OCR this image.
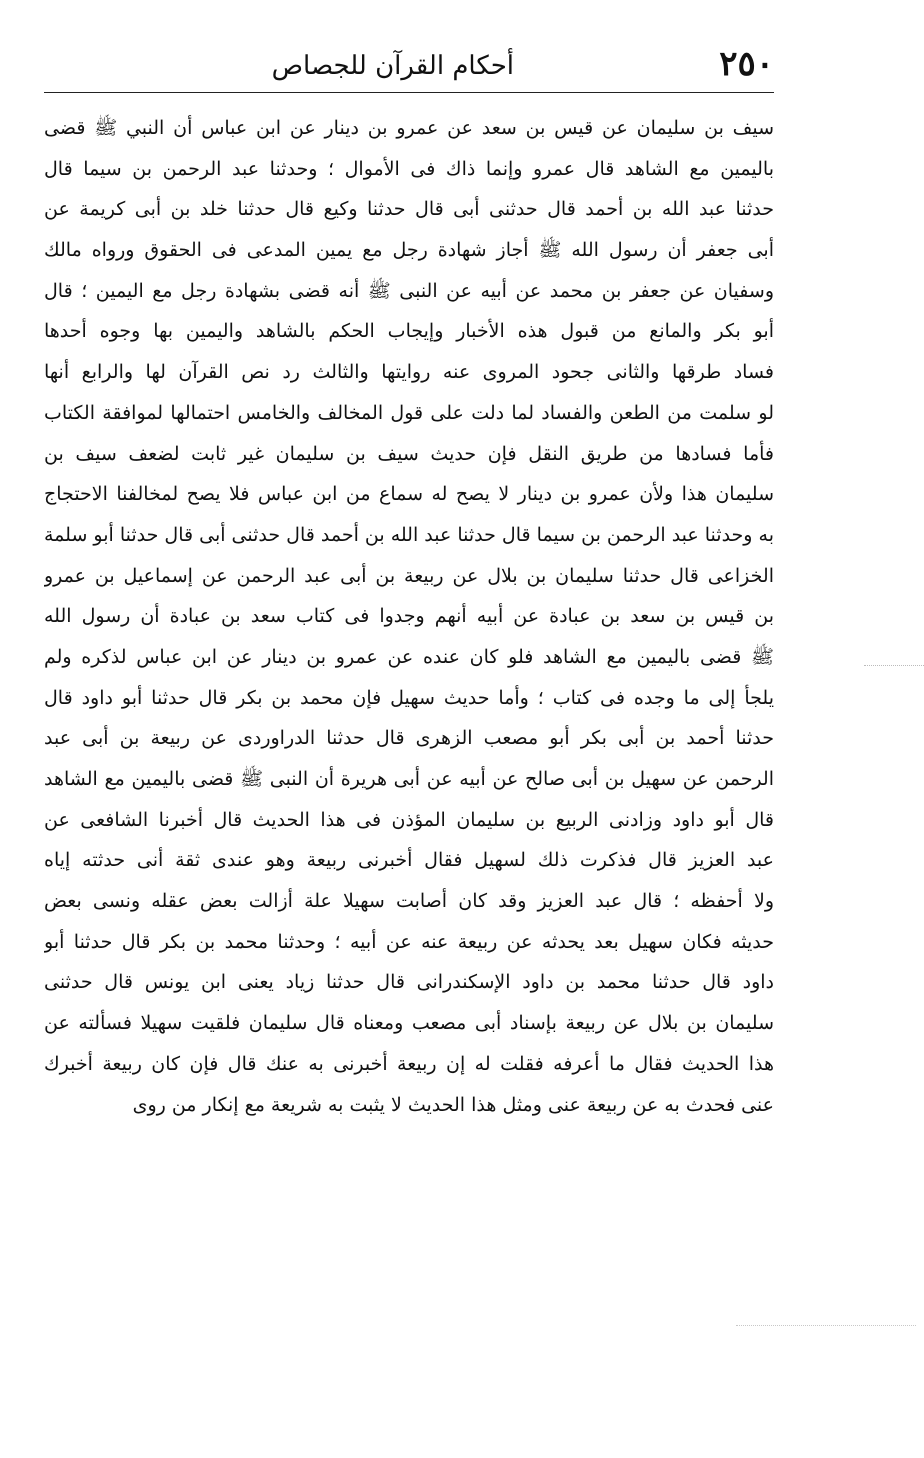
٢٥٠
أحكام القرآن للجصاص
سيف بن سليمان عن قيس بن سعد عن عمرو بن دينار عن ابن عباس أن النبي ﷺ قضى
باليمين مع الشاهد قال عمرو وإنما ذاك فى الأموال ؛ وحدثنا عبد الرحمن بن سيما قال
حدثنا عبد الله بن أحمد قال حدثنى أبى قال حدثنا وكيع قال حدثنا خلد بن أبى كريمة عن
أبى جعفر أن رسول الله ﷺ أجاز شهادة رجل مع يمين المدعى فى الحقوق ورواه مالك
وسفيان عن جعفر بن محمد عن أبيه عن النبى ﷺ أنه قضى بشهادة رجل مع اليمين ؛ قال
أبو بكر والمانع من قبول هذه الأخبار وإيجاب الحكم بالشاهد واليمين بها وجوه أحدها
فساد طرقها والثانى جحود المروى عنه روايتها والثالث رد نص القرآن لها والرابع أنها
لو سلمت من الطعن والفساد لما دلت على قول المخالف والخامس احتمالها لموافقة الكتاب
فأما فسادها من طريق النقل فإن حديث سيف بن سليمان غير ثابت لضعف سيف بن
سليمان هذا ولأن عمرو بن دينار لا يصح له سماع من ابن عباس فلا يصح لمخالفنا الاحتجاج
به وحدثنا عبد الرحمن بن سيما قال حدثنا عبد الله بن أحمد قال حدثنى أبى قال حدثنا أبو سلمة
الخزاعى قال حدثنا سليمان بن بلال عن ربيعة بن أبى عبد الرحمن عن إسماعيل بن عمرو
بن قيس بن سعد بن عبادة عن أبيه أنهم وجدوا فى كتاب سعد بن عبادة أن رسول الله
ﷺ قضى باليمين مع الشاهد فلو كان عنده عن عمرو بن دينار عن ابن عباس لذكره ولم
يلجأ إلى ما وجده فى كتاب ؛ وأما حديث سهيل فإن محمد بن بكر قال حدثنا أبو داود قال
حدثنا أحمد بن أبى بكر أبو مصعب الزهرى قال حدثنا الدراوردى عن ربيعة بن أبى عبد
الرحمن عن سهيل بن أبى صالح عن أبيه عن أبى هريرة أن النبى ﷺ قضى باليمين مع الشاهد
قال أبو داود وزادنى الربيع بن سليمان المؤذن فى هذا الحديث قال أخبرنا الشافعى عن
عبد العزيز قال فذكرت ذلك لسهيل فقال أخبرنى ربيعة وهو عندى ثقة أنى حدثته إياه
ولا أحفظه ؛ قال عبد العزيز وقد كان أصابت سهيلا علة أزالت بعض عقله ونسى بعض
حديثه فكان سهيل بعد يحدثه عن ربيعة عنه عن أبيه ؛ وحدثنا محمد بن بكر قال حدثنا أبو
داود قال حدثنا محمد بن داود الإسكندرانى قال حدثنا زياد يعنى ابن يونس قال حدثنى
سليمان بن بلال عن ربيعة بإسناد أبى مصعب ومعناه قال سليمان فلقيت سهيلا فسألته عن
هذا الحديث فقال ما أعرفه فقلت له إن ربيعة أخبرنى به عنك قال فإن كان ربيعة أخبرك
عنى فحدث به عن ربيعة عنى ومثل هذا الحديث لا يثبت به شريعة مع إنكار من روى
